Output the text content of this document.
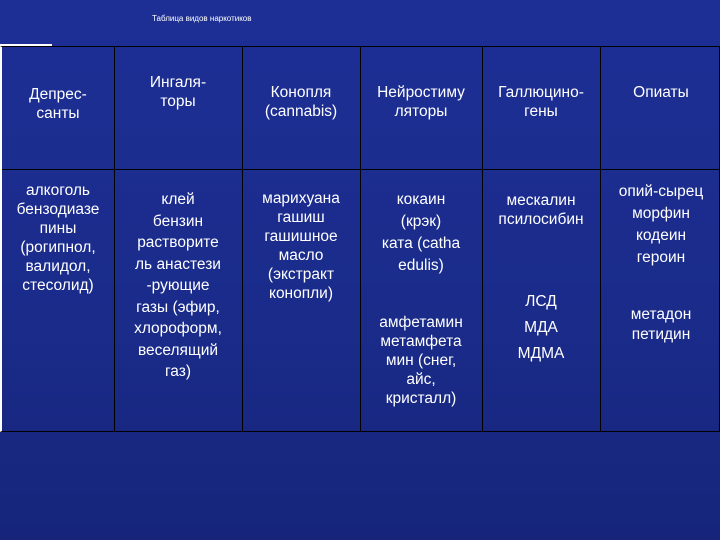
Таблица видов наркотиков
Депрес-
санты
Ингаля-
торы
Конопля
(cannabis)
Нейростиму
ляторы
Галлюцино-
гены
Опиаты
алкоголь
бензодиазе
пины
(рогипнол,
валидол,
стесолид)
клей
бензин
растворите
ль анастези
-рующие
газы (эфир,
хлороформ,
веселящий
газ)
марихуана
гашиш
гашишное
масло
(экстракт
конопли)
кокаин
(крэк)
ката (catha
edulis)
амфетамин
метамфета
мин (снег,
айс,
кристалл)
мескалин
псилосибин
ЛСД
МДА
МДМА
опий-сырец
морфин
кодеин
героин
метадон
петидин
